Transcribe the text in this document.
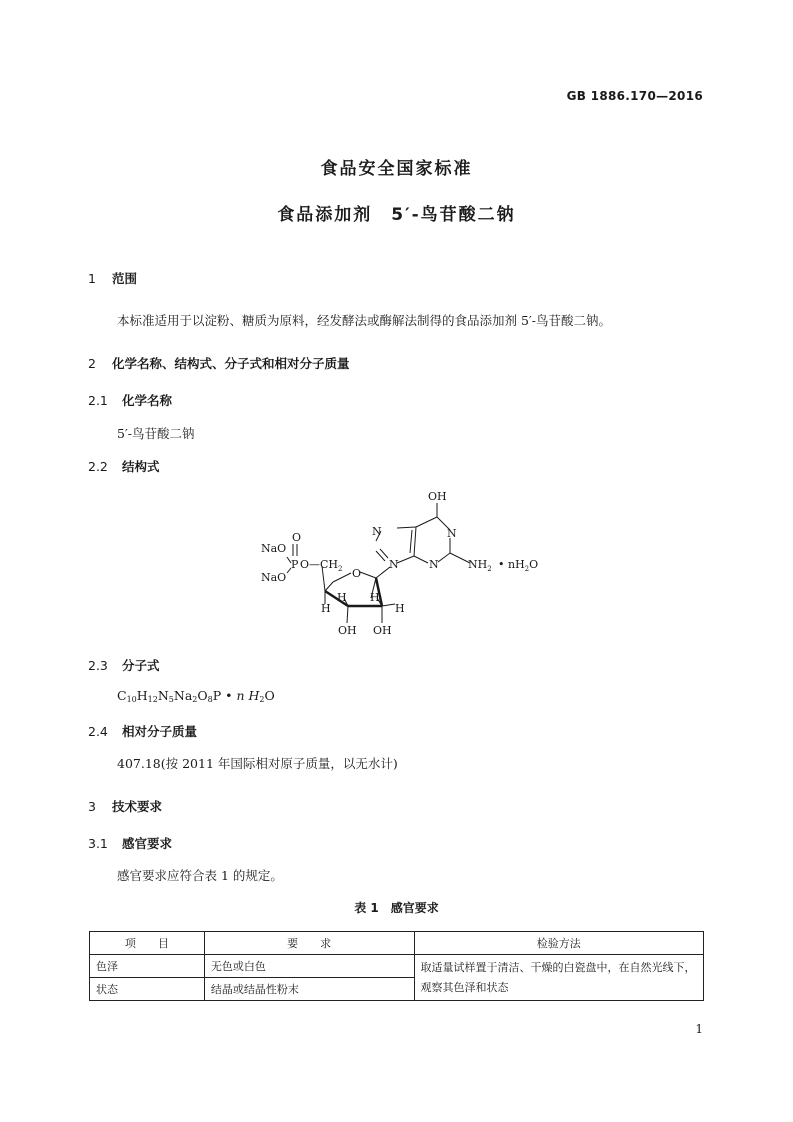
GB 1886.170—2016
食品安全国家标准
食品添加剂　5′-鸟苷酸二钠
1 范围
本标准适用于以淀粉、糖质为原料，经发酵法或酶解法制得的食品添加剂 5′-鸟苷酸二钠。
2 化学名称、结构式、分子式和相对分子质量
2.1 化学名称
5′-鸟苷酸二钠
2.2 结构式
OH
N	N
N	N	$NH_2$ • $nH_2O$
NaO
NaO
O
P $O—CH_2$ O
H
H H
H
OH OH
2.3 分子式
$C_{10}H_{12}N_5Na_2O_8P$ • n $H_2O$
2.4 相对分子质量
407.18(按 2011 年国际相对原子质量，以无水计)
3 技术要求
3.1 感官要求
感官要求应符合表 1 的规定。
表 1　感官要求
项　　目	要　　求	检验方法
色泽	无色或白色	取适量试样置于清洁、干燥的白瓷盘中，在自然光线下，观察其色泽和状态
状态	结晶或结晶性粉末	
1
